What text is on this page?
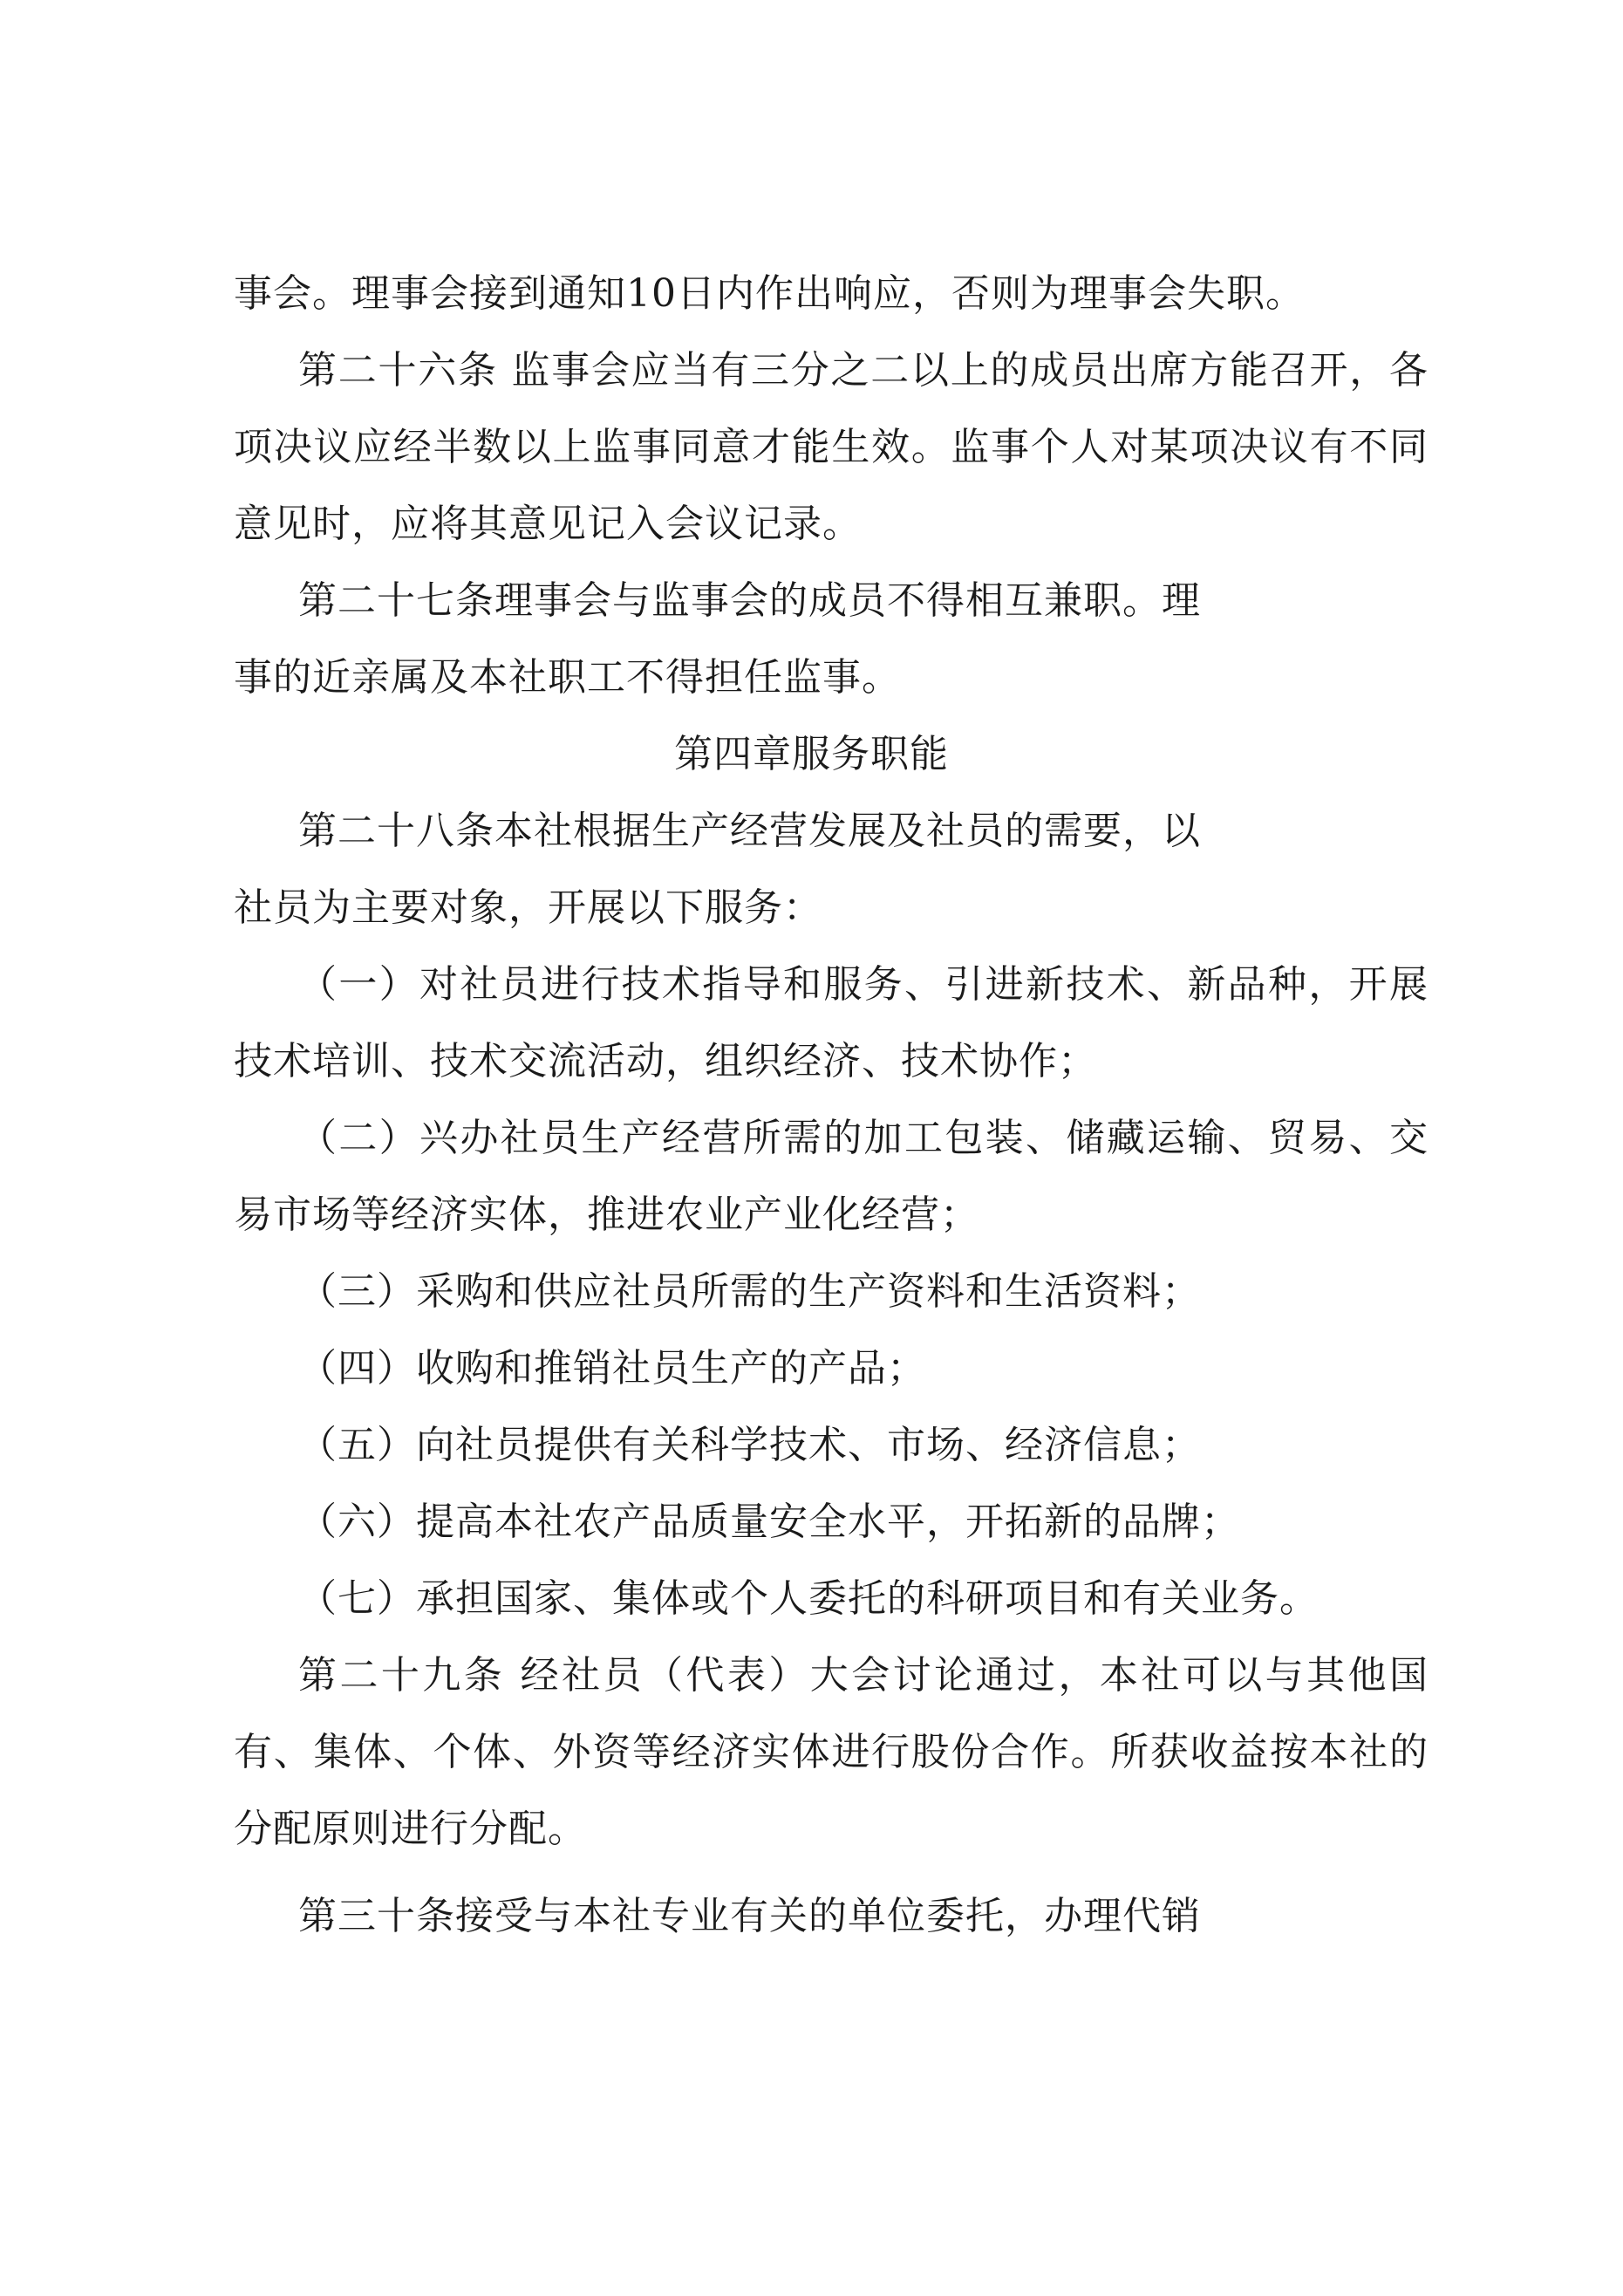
事会。理事会接到通知10日内作出响应，否则为理事会失职。
第二十六条 监事会应当有三分之二以上的成员出席方能召开，各
项决议应经半数以上监事同意才能生效。监事个人对某项决议有不同
意见时，应将其意见记入会议记录。
第二十七条理事会与监事会的成员不得相互兼职。理
事的近亲属及本社职工不得担任监事。
第四章服务职能
第二十八条本社根据生产经营发展及社员的需要，以
社员为主要对象，开展以下服务：
（一）对社员进行技术指导和服务、引进新技术、新品种，开展
技术培训、技术交流活动，组织经济、技术协作；
（二）兴办社员生产经营所需的加工包装、储藏运输、贸易、交
易市场等经济实体，推进农业产业化经营；
（三）采购和供应社员所需的生产资料和生活资料；
（四）收购和推销社员生产的产品；
（五）向社员提供有关科学技术、市场、经济信息；
（六）提高本社农产品质量安全水平，开拓新的品牌；
（七）承担国家、集体或个人委托的科研项目和有关业务。
第二十九条 经社员（代表）大会讨论通过，本社可以与其他国
有、集体、个体、外资等经济实体进行股份合作。所获收益按本社的
分配原则进行分配。
第三十条接受与本社专业有关的单位委托，办理代销
